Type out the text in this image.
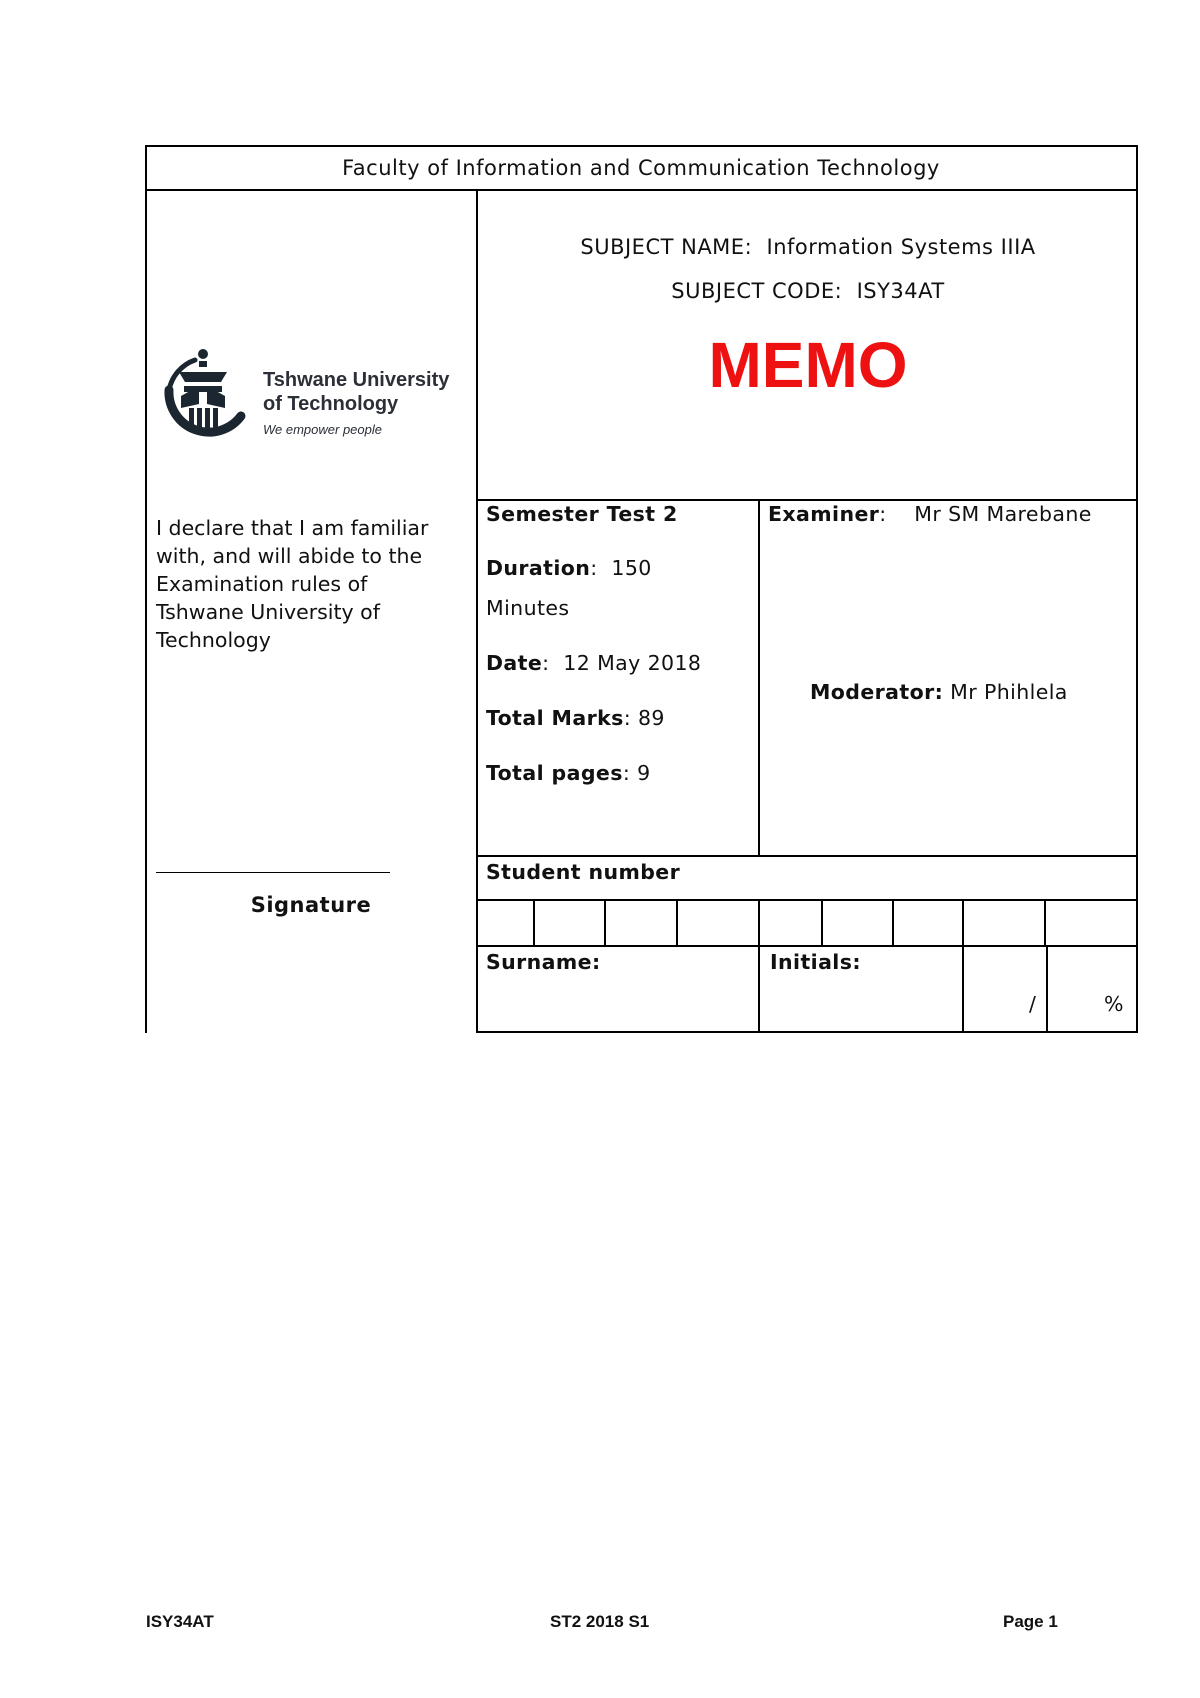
Faculty of Information and Communication Technology
Tshwane University
of Technology
We empower people
I declare that I am familiar
with, and will abide to the
Examination rules of
Tshwane University of
Technology
Signature
SUBJECT NAME: Information Systems IIIA
SUBJECT CODE: ISY34AT
MEMO
Semester Test 2
Duration:  150
Minutes
Date:  12 May 2018
Total Marks: 89
Total pages: 9
Examiner:    Mr SM Marebane
Moderator: Mr Phihlela
Student number
Surname:	Initials:
/	%
ISY34AT	ST2 2018 S1	Page 1
